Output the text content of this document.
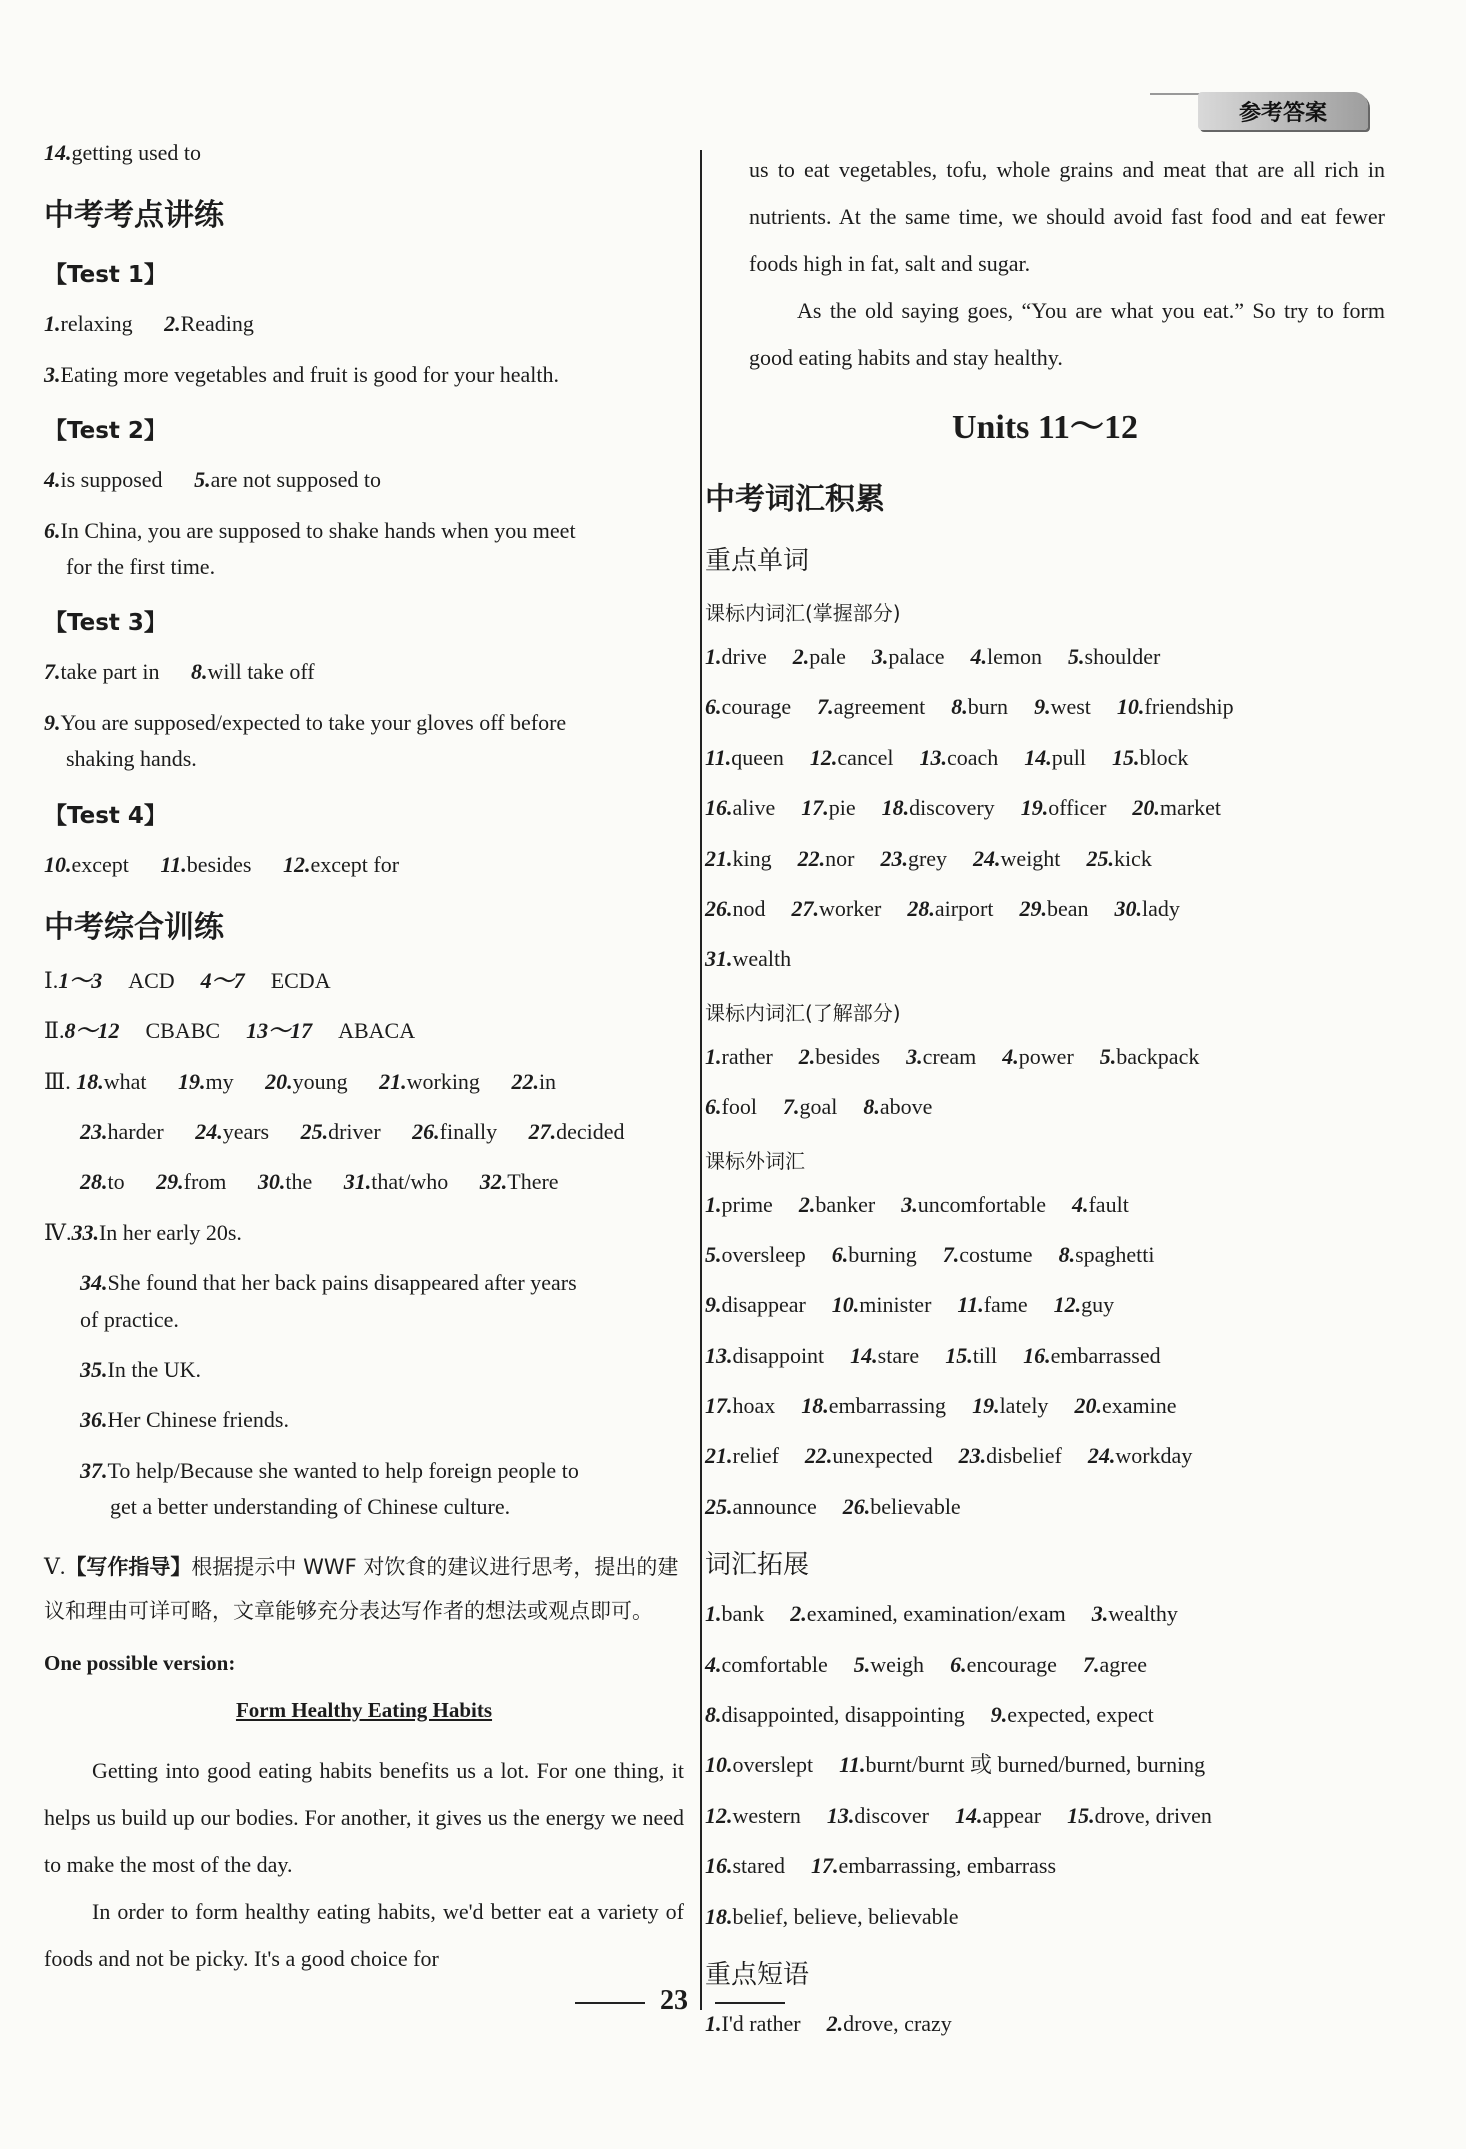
参考答案
14.getting used to
中考考点讲练
【Test 1】
1.relaxing 2.Reading
3.Eating more vegetables and fruit is good for your health.
【Test 2】
4.is supposed 5.are not supposed to
6.In China, you are supposed to shake hands when you meet
for the first time.
【Test 3】
7.take part in 8.will take off
9.You are supposed/expected to take your gloves off before
shaking hands.
【Test 4】
10.except 11.besides 12.except for
中考综合训练
Ⅰ.1～3 ACD 4～7 ECDA
Ⅱ.8～12 CBABC 13～17 ABACA
Ⅲ. 18.what 19.my 20.young 21.working 22.in
23.harder 24.years 25.driver 26.finally 27.decided
28.to 29.from 30.the 31.that/who 32.There
Ⅳ.33.In her early 20s.
34.She found that her back pains disappeared after years
of practice.
35.In the UK.
36.Her Chinese friends.
37.To help/Because she wanted to help foreign people to
get a better understanding of Chinese culture.
Ⅴ.【写作指导】根据提示中 WWF 对饮食的建议进行思考，提出的建议和理由可详可略，文章能够充分表达写作者的想法或观点即可。
One possible version:
Form Healthy Eating Habits

Getting into good eating habits benefits us a lot. For one thing, it helps us build up our bodies. For another, it gives us the energy we need to make the most of the day.

In order to form healthy eating habits, we'd better eat a variety of foods and not be picky. It's a good choice for

us to eat vegetables, tofu, whole grains and meat that are all rich in nutrients. At the same time, we should avoid fast food and eat fewer foods high in fat, salt and sugar.

As the old saying goes, “You are what you eat.” So try to form good eating habits and stay healthy.

Units 11～12
中考词汇积累
重点单词
课标内词汇(掌握部分)
1.drive 2.pale 3.palace 4.lemon 5.shoulder
6.courage 7.agreement 8.burn 9.west 10.friendship
11.queen 12.cancel 13.coach 14.pull 15.block
16.alive 17.pie 18.discovery 19.officer 20.market
21.king 22.nor 23.grey 24.weight 25.kick
26.nod 27.worker 28.airport 29.bean 30.lady
31.wealth
课标内词汇(了解部分)
1.rather 2.besides 3.cream 4.power 5.backpack
6.fool 7.goal 8.above
课标外词汇
1.prime 2.banker 3.uncomfortable 4.fault
5.oversleep 6.burning 7.costume 8.spaghetti
9.disappear 10.minister 11.fame 12.guy
13.disappoint 14.stare 15.till 16.embarrassed
17.hoax 18.embarrassing 19.lately 20.examine
21.relief 22.unexpected 23.disbelief 24.workday
25.announce 26.believable
词汇拓展
1.bank 2.examined, examination/exam 3.wealthy
4.comfortable 5.weigh 6.encourage 7.agree
8.disappointed, disappointing 9.expected, expect
10.overslept 11.burnt/burnt 或 burned/burned, burning
12.western 13.discover 14.appear 15.drove, driven
16.stared 17.embarrassing, embarrass
18.belief, believe, believable
重点短语
1.I'd rather 2.drove, crazy
23
